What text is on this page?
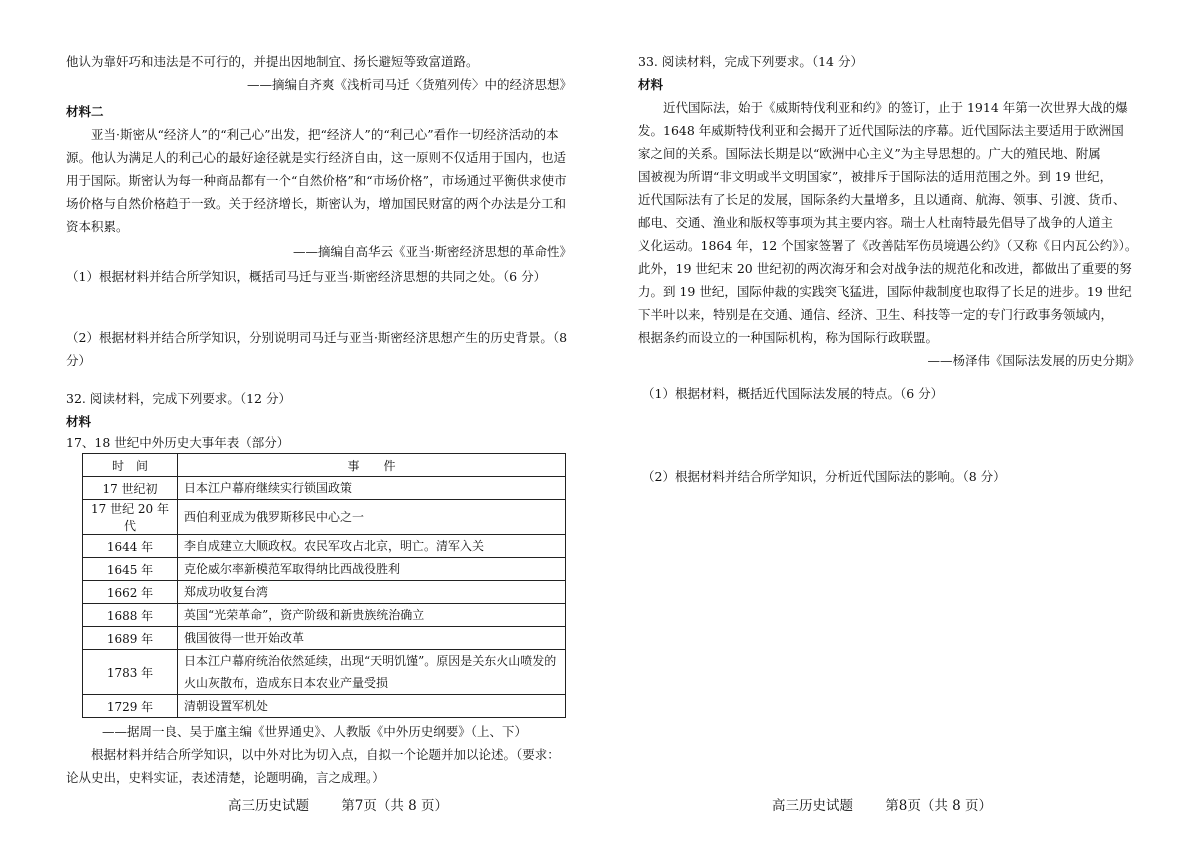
他认为靠奸巧和违法是不可行的，并提出因地制宜、扬长避短等致富道路。

——摘编自齐爽《浅析司马迁〈货殖列传〉中的经济思想》

材料二

亚当·斯密从“经济人”的“利己心”出发，把“经济人”的“利己心”看作一切经济活动的本源。他认为满足人的利己心的最好途径就是实行经济自由，这一原则不仅适用于国内，也适用于国际。斯密认为每一种商品都有一个“自然价格”和“市场价格”，市场通过平衡供求使市场价格与自然价格趋于一致。关于经济增长，斯密认为，增加国民财富的两个办法是分工和资本积累。

——摘编自高华云《亚当·斯密经济思想的革命性》

（1）根据材料并结合所学知识，概括司马迁与亚当·斯密经济思想的共同之处。（6 分）

（2）根据材料并结合所学知识，分别说明司马迁与亚当·斯密经济思想产生的历史背景。（8 分）

32. 阅读材料，完成下列要求。（12 分）

材料

17、18 世纪中外历史大事年表（部分）

时　间	事　　件
17 世纪初	日本江户幕府继续实行锁国政策
17 世纪 20 年代	西伯利亚成为俄罗斯移民中心之一
1644 年	李自成建立大顺政权。农民军攻占北京，明亡。清军入关
1645 年	克伦威尔率新模范军取得纳比西战役胜利
1662 年	郑成功收复台湾
1688 年	英国“光荣革命”，资产阶级和新贵族统治确立
1689 年	俄国彼得一世开始改革
1783 年	日本江户幕府统治依然延续，出现“天明饥馑”。原因是关东火山喷发的火山灰散布，造成东日本农业产量受损
1729 年	清朝设置军机处

——据周一良、吴于廑主编《世界通史》、人教版《中外历史纲要》（上、下）

根据材料并结合所学知识，以中外对比为切入点，自拟一个论题并加以论述。（要求：论从史出，史料实证，表述清楚，论题明确，言之成理。）

33. 阅读材料，完成下列要求。（14 分）

材料

近代国际法，始于《威斯特伐利亚和约》的签订，止于 1914 年第一次世界大战的爆

发。1648 年威斯特伐利亚和会揭开了近代国际法的序幕。近代国际法主要适用于欧洲国

家之间的关系。国际法长期是以“欧洲中心主义”为主导思想的。广大的殖民地、附属

国被视为所谓“非文明或半文明国家”，被排斥于国际法的适用范围之外。到 19 世纪，

近代国际法有了长足的发展，国际条约大量增多，且以通商、航海、领事、引渡、货币、

邮电、交通、渔业和版权等事项为其主要内容。瑞士人杜南特最先倡导了战争的人道主

义化运动。1864 年，12 个国家签署了《改善陆军伤员境遇公约》（又称《日内瓦公约》）。

此外，19 世纪末 20 世纪初的两次海牙和会对战争法的规范化和改进，都做出了重要的努

力。到 19 世纪，国际仲裁的实践突飞猛进，国际仲裁制度也取得了长足的进步。19 世纪

下半叶以来，特别是在交通、通信、经济、卫生、科技等一定的专门行政事务领域内，

根据条约而设立的一种国际机构，称为国际行政联盟。

——杨泽伟《国际法发展的历史分期》

（1）根据材料，概括近代国际法发展的特点。（6 分）

（2）根据材料并结合所学知识，分析近代国际法的影响。（8 分）

高三历史试题 第7页（共 8 页）	高三历史试题 第8页（共 8 页）
